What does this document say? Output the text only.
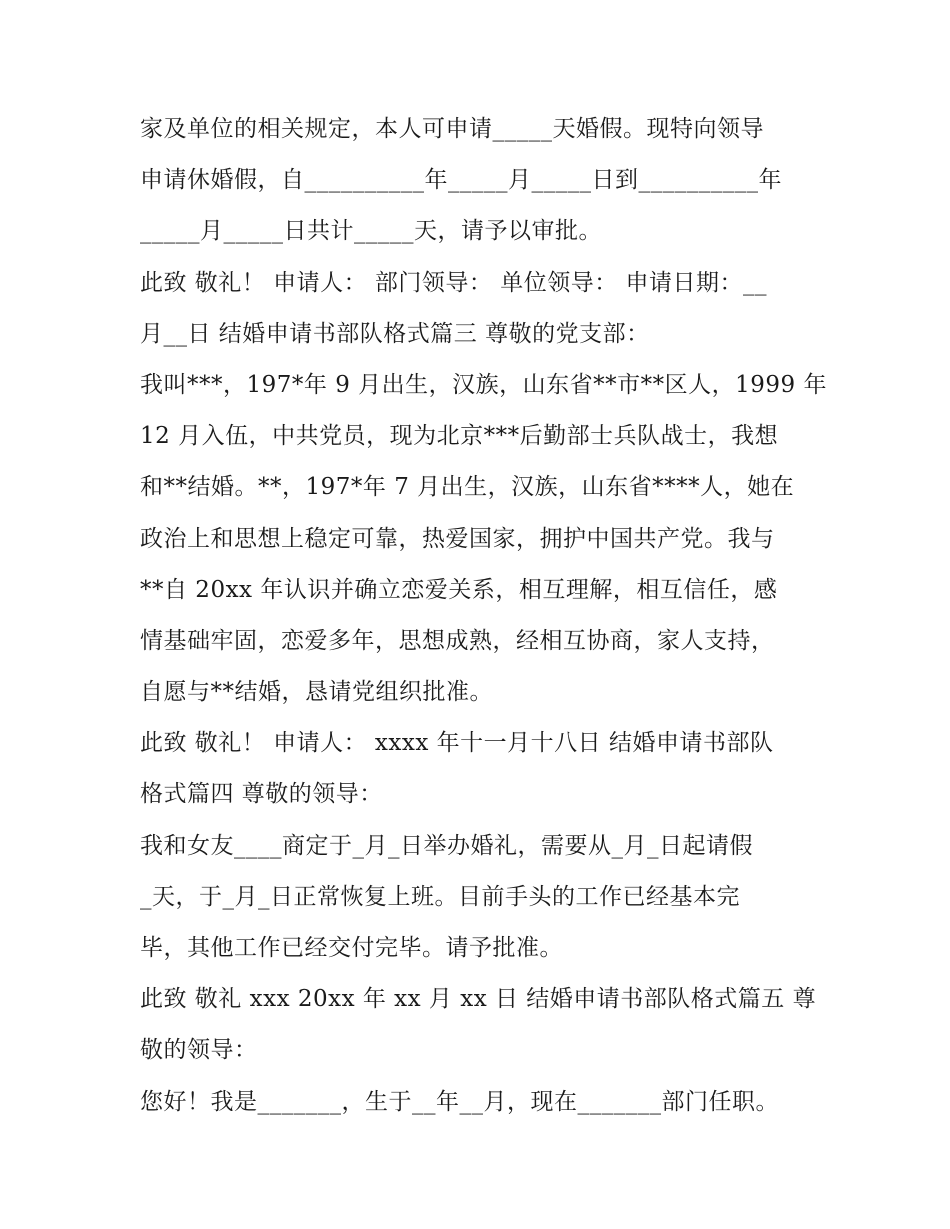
家及单位的相关规定，本人可申请_____天婚假。现特向领导
申请休婚假，自__________年_____月_____日到__________年
_____月_____日共计_____天，请予以审批。
此致 敬礼！ 申请人： 部门领导： 单位领导： 申请日期：__
月__日 结婚申请书部队格式篇三 尊敬的党支部：
我叫***，197*年 9 月出生，汉族，山东省**市**区人，1999 年
12 月入伍，中共党员，现为北京***后勤部士兵队战士，我想
和**结婚。**，197*年 7 月出生，汉族，山东省****人，她在
政治上和思想上稳定可靠，热爱国家，拥护中国共产党。我与
**自 20xx 年认识并确立恋爱关系，相互理解，相互信任，感
情基础牢固，恋爱多年，思想成熟，经相互协商，家人支持，
自愿与**结婚，恳请党组织批准。
此致 敬礼！ 申请人： xxxx 年十一月十八日 结婚申请书部队
格式篇四 尊敬的领导：
我和女友____商定于_月_日举办婚礼，需要从_月_日起请假
_天，于_月_日正常恢复上班。目前手头的工作已经基本完
毕，其他工作已经交付完毕。请予批准。
此致 敬礼 xxx 20xx 年 xx 月 xx 日 结婚申请书部队格式篇五 尊
敬的领导：
您好！我是_______，生于__年__月，现在_______部门任职。
